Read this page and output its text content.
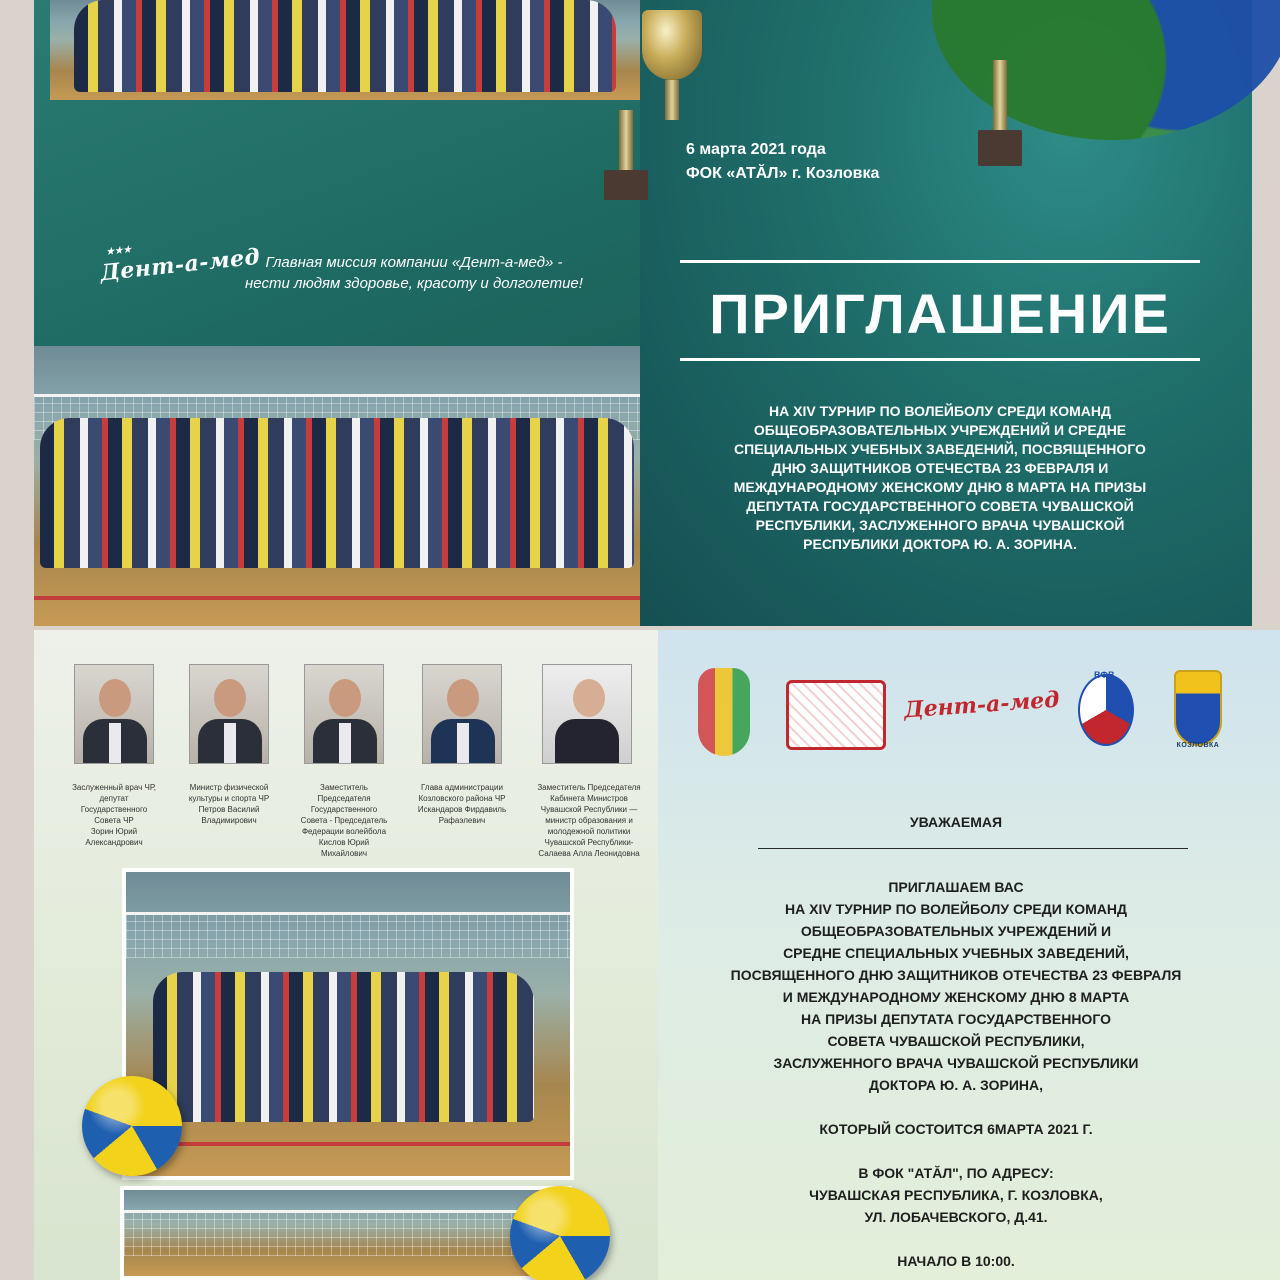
★★★ Дент-а-мед Главная миссия компании «Дент-а-мед» -
нести людям здоровье, красоту и долголетие!
6 марта 2021 года
ФОК «АТӐЛ» г. Козловка
ПРИГЛАШЕНИЕ
НА XIV ТУРНИР ПО ВОЛЕЙБОЛУ СРЕДИ КОМАНД
ОБЩЕОБРАЗОВАТЕЛЬНЫХ УЧРЕЖДЕНИЙ И СРЕДНЕ
СПЕЦИАЛЬНЫХ УЧЕБНЫХ ЗАВЕДЕНИЙ, ПОСВЯЩЕННОГО
ДНЮ ЗАЩИТНИКОВ ОТЕЧЕСТВА 23 ФЕВРАЛЯ И
МЕЖДУНАРОДНОМУ ЖЕНСКОМУ ДНЮ 8 МАРТА НА ПРИЗЫ
ДЕПУТАТА ГОСУДАРСТВЕННОГО СОВЕТА ЧУВАШСКОЙ
РЕСПУБЛИКИ, ЗАСЛУЖЕННОГО ВРАЧА ЧУВАШСКОЙ
РЕСПУБЛИКИ ДОКТОРА Ю. А. ЗОРИНА.
Заслуженный врач ЧР,
депутат
Государственного
Совета ЧР
Зорин Юрий
Александрович
Министр физической
культуры и спорта ЧР
Петров Василий
Владимирович
Заместитель
Председателя
Государственного
Совета - Председатель
Федерации волейбола
Кислов Юрий
Михайлович
Глава администрации
Козловского района ЧР
Искандаров Фирдавиль
Рафаэлевич
Заместитель Председателя
Кабинета Министров
Чувашской Республики —
министр образования и
молодежной политики
Чувашской Республики-
Салаева Алла Леонидовна
Дент-а-мед
ВФВ
КОЗЛОВКА
УВАЖАЕМАЯ

ПРИГЛАШАЕМ ВАС

НА XIV ТУРНИР ПО ВОЛЕЙБОЛУ СРЕДИ КОМАНД

ОБЩЕОБРАЗОВАТЕЛЬНЫХ УЧРЕЖДЕНИЙ И

СРЕДНЕ СПЕЦИАЛЬНЫХ УЧЕБНЫХ ЗАВЕДЕНИЙ,

ПОСВЯЩЕННОГО ДНЮ ЗАЩИТНИКОВ ОТЕЧЕСТВА 23 ФЕВРАЛЯ

И МЕЖДУНАРОДНОМУ ЖЕНСКОМУ ДНЮ 8 МАРТА

НА ПРИЗЫ ДЕПУТАТА ГОСУДАРСТВЕННОГО

СОВЕТА ЧУВАШСКОЙ РЕСПУБЛИКИ,

ЗАСЛУЖЕННОГО ВРАЧА ЧУВАШСКОЙ РЕСПУБЛИКИ

ДОКТОРА Ю. А. ЗОРИНА,

КОТОРЫЙ СОСТОИТСЯ 6МАРТА 2021 Г.

В ФОК "АТӐЛ", ПО АДРЕСУ:

ЧУВАШСКАЯ РЕСПУБЛИКА, Г. КОЗЛОВКА,

УЛ. ЛОБАЧЕВСКОГО, Д.41.

НАЧАЛО В 10:00.
